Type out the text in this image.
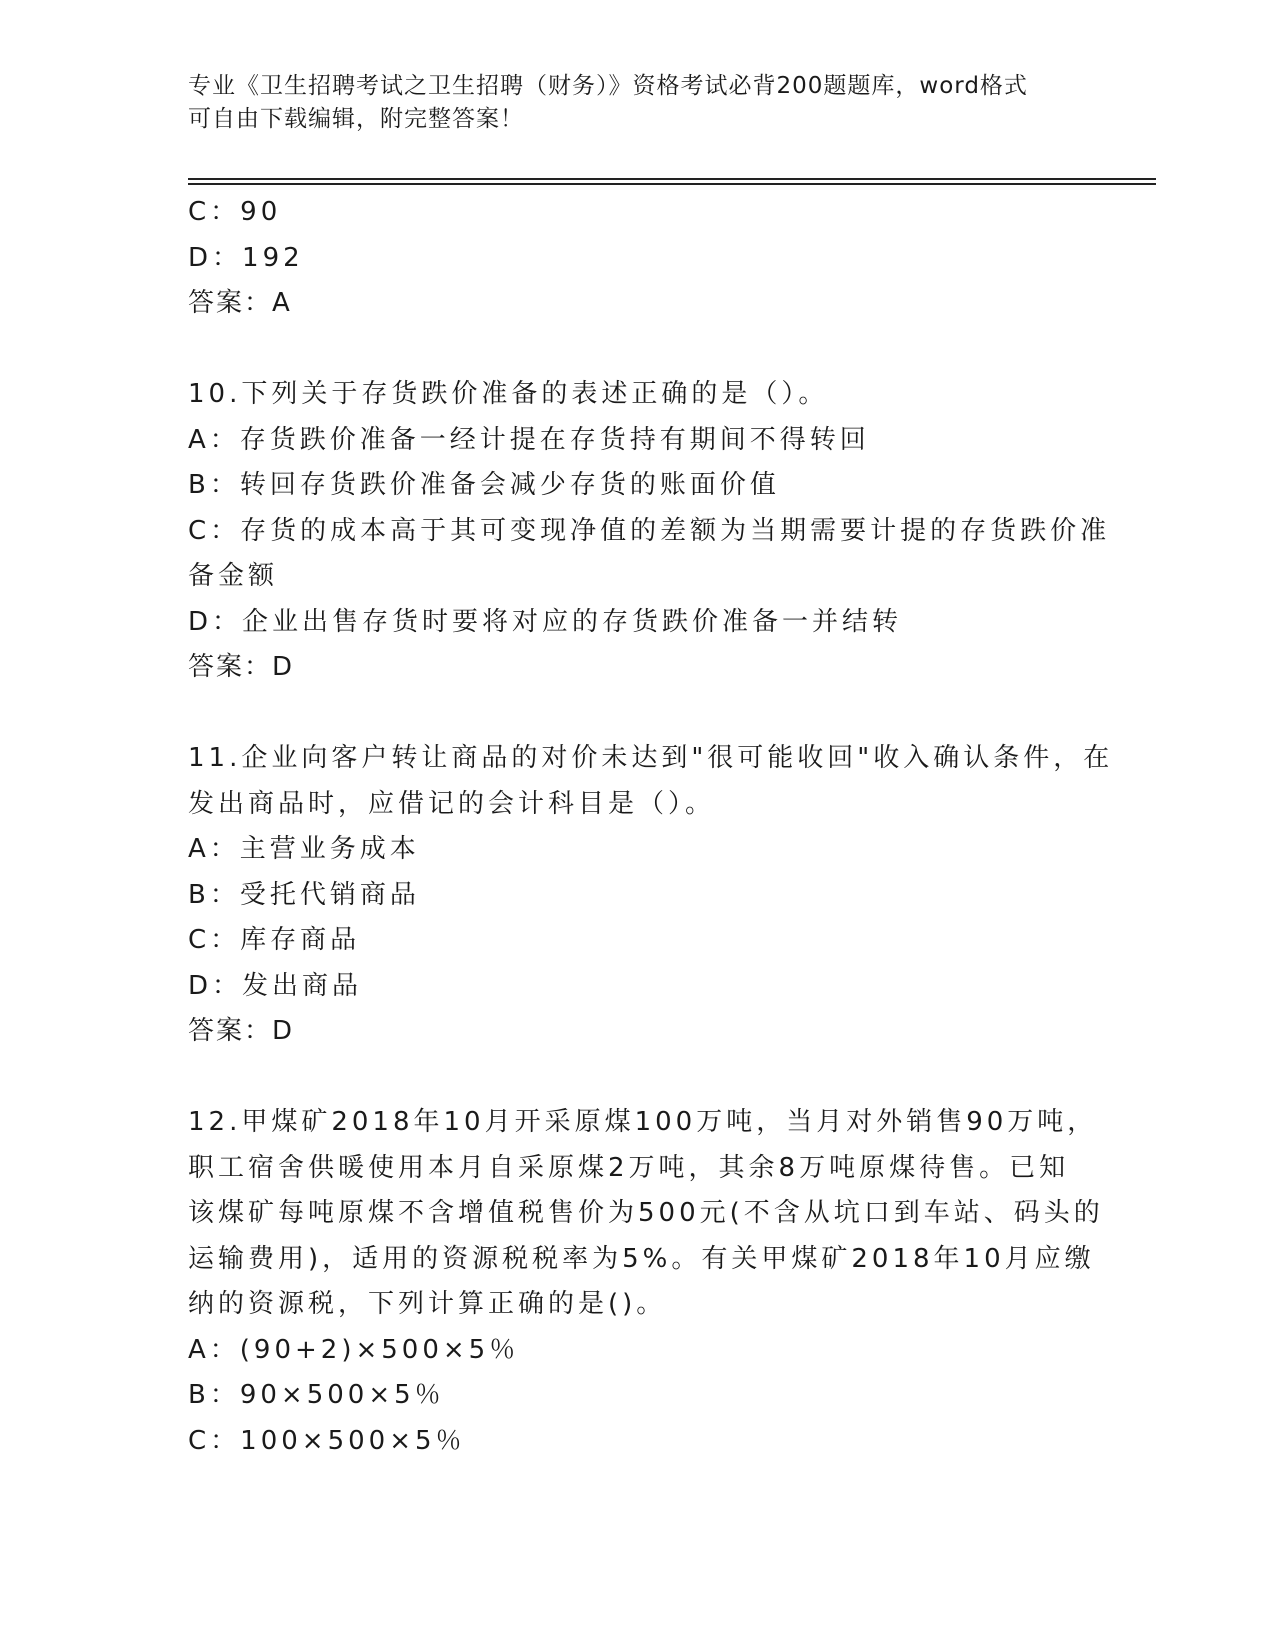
专业《卫生招聘考试之卫生招聘（财务）》资格考试必背200题题库，word格式
可自由下载编辑，附完整答案！
C：90
D：192
答案：A
10.下列关于存货跌价准备的表述正确的是（）。
A：存货跌价准备一经计提在存货持有期间不得转回
B：转回存货跌价准备会减少存货的账面价值
C：存货的成本高于其可变现净值的差额为当期需要计提的存货跌价准
备金额
D：企业出售存货时要将对应的存货跌价准备一并结转
答案：D
11.企业向客户转让商品的对价未达到"很可能收回"收入确认条件，在
发出商品时，应借记的会计科目是（）。
A：主营业务成本
B：受托代销商品
C：库存商品
D：发出商品
答案：D
12.甲煤矿2018年10月开采原煤100万吨，当月对外销售90万吨，
职工宿舍供暖使用本月自采原煤2万吨，其余8万吨原煤待售。已知
该煤矿每吨原煤不含增值税售价为500元(不含从坑口到车站、码头的
运输费用)，适用的资源税税率为5%。有关甲煤矿2018年10月应缴
纳的资源税，下列计算正确的是()。
A：(90+2)×500×5％
B：90×500×5％
C：100×500×5％
